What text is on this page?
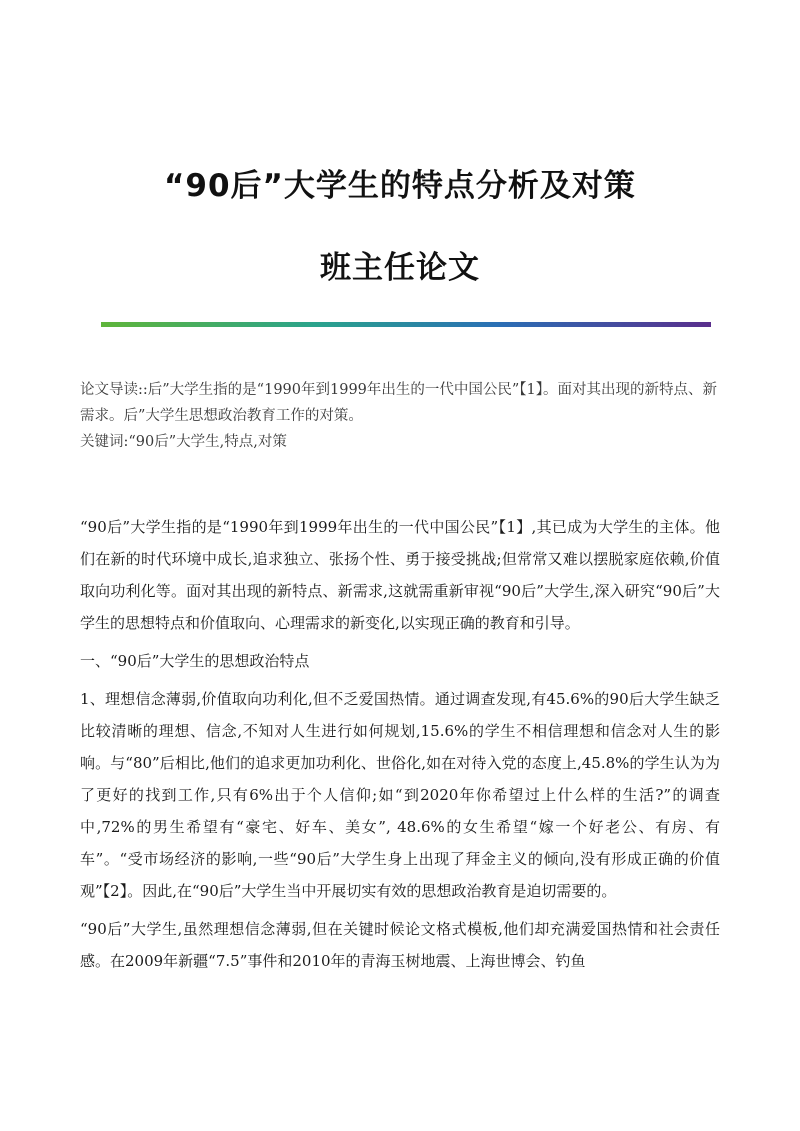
“90后”大学生的特点分析及对策
班主任论文

论文导读::后”大学生指的是“1990年到1999年出生的一代中国公民”【1】。面对其出现的新特点、新需求。后”大学生思想政治教育工作的对策。

关键词:“90后”大学生,特点,对策

“90后”大学生指的是“1990年到1999年出生的一代中国公民”【1】,其已成为大学生的主体。他们在新的时代环境中成长,追求独立、张扬个性、勇于接受挑战;但常常又难以摆脱家庭依赖,价值取向功利化等。面对其出现的新特点、新需求,这就需重新审视“90后”大学生,深入研究“90后”大学生的思想特点和价值取向、心理需求的新变化,以实现正确的教育和引导。

一、“90后”大学生的思想政治特点

1、理想信念薄弱,价值取向功利化,但不乏爱国热情。通过调查发现,有45.6%的90后大学生缺乏比较清晰的理想、信念,不知对人生进行如何规划,15.6%的学生不相信理想和信念对人生的影响。与“80”后相比,他们的追求更加功利化、世俗化,如在对待入党的态度上,45.8%的学生认为为了更好的找到工作,只有6%出于个人信仰;如“到2020年你希望过上什么样的生活?”的调查中,72%的男生希望有“豪宅、好车、美女”, 48.6%的女生希望“嫁一个好老公、有房、有车”。“受市场经济的影响,一些“90后”大学生身上出现了拜金主义的倾向,没有形成正确的价值观”【2】。因此,在“90后”大学生当中开展切实有效的思想政治教育是迫切需要的。

“90后”大学生,虽然理想信念薄弱,但在关键时候论文格式模板,他们却充满爱国热情和社会责任感。在2009年新疆“7.5”事件和2010年的青海玉树地震、上海世博会、钓鱼
